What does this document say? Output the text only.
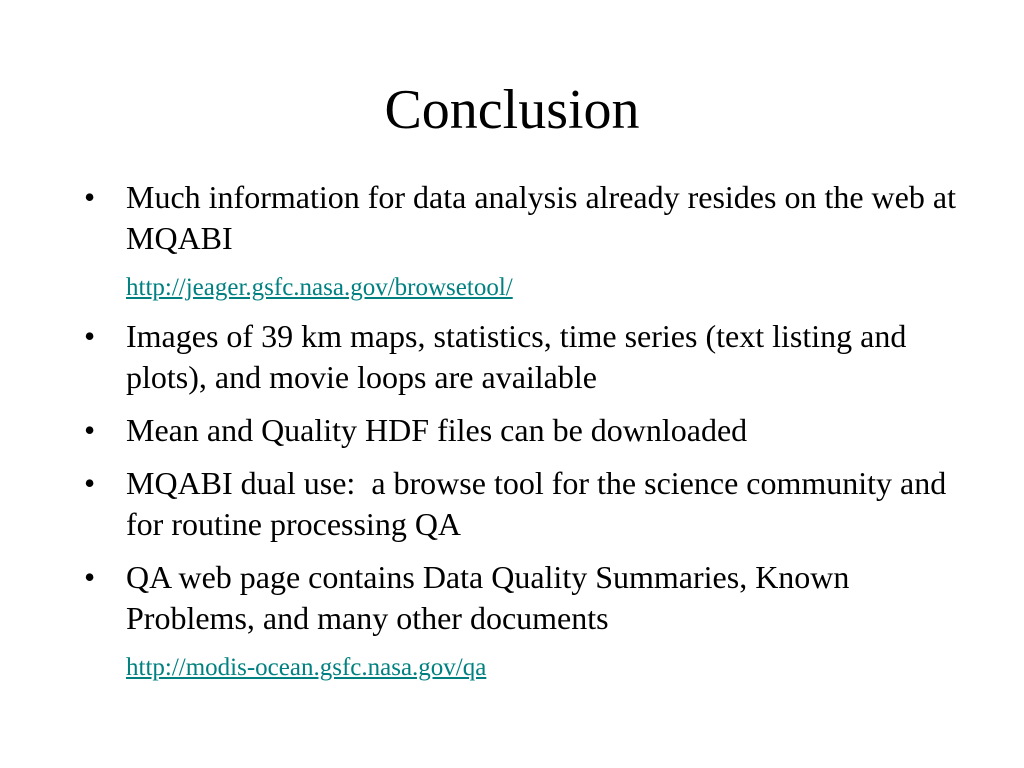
Conclusion
• Much information for data analysis already resides on the web at MQABI
http://jeager.gsfc.nasa.gov/browsetool/
• Images of 39 km maps, statistics, time series (text listing and plots), and movie loops are available
• Mean and Quality HDF files can be downloaded
• MQABI dual use:  a browse tool for the science community and for routine processing QA
• QA web page contains Data Quality Summaries, Known Problems, and many other documents
http://modis-ocean.gsfc.nasa.gov/qa
